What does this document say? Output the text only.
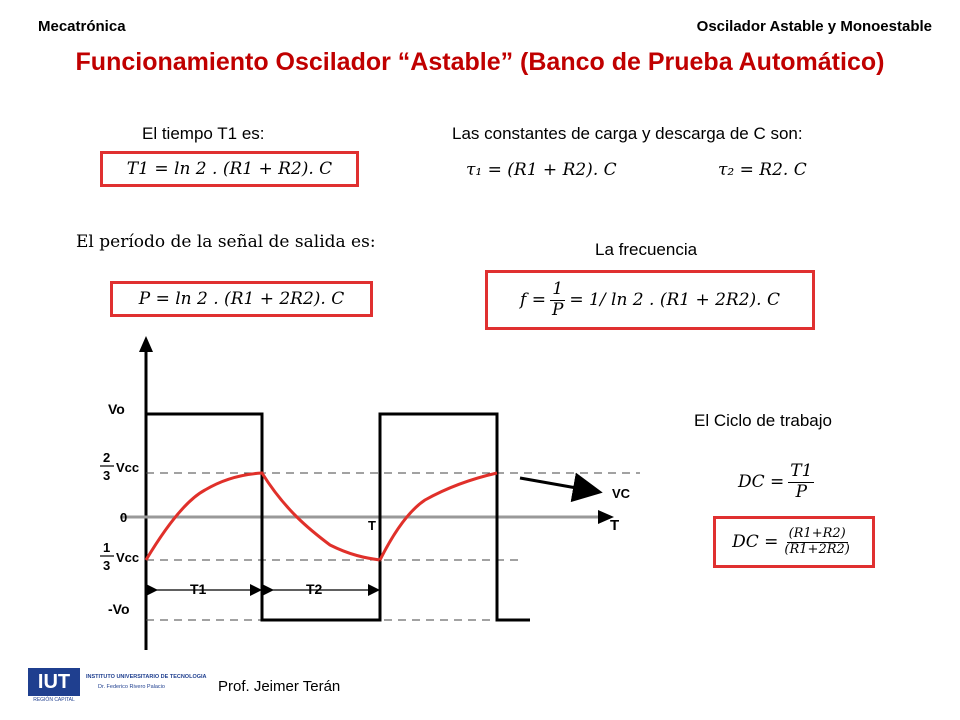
Mecatrónica	Oscilador Astable y Monoestable
Funcionamiento Oscilador “Astable” (Banco de Prueba Automático)
El tiempo T1 es:
T1 = ln 2 . (R1 + R2). C
Las constantes de carga y descarga de C son:
τ₁ = (R1 + R2). C	τ₂ = R2. C
El período de la señal de salida es:
P = ln 2 . (R1 + 2R2). C
La frecuencia
$f = \frac{1}{P} = 1/$ ln 2 . (R1 + 2R2). C
El Ciclo de trabajo
DC = $\frac{T1}{P}$
DC = $\frac{(R1+R2)}{(R1+2R2)}$
Vo
2
3
Vcc
0
1
3
Vcc
-Vo
T1	T2
T	T
VC
IUT
REGIÓN CAPITAL
INSTITUTO UNIVERSITARIO DE TECNOLOGIA
Dr. Federico Rivero Palacio	Prof. Jeimer Terán
